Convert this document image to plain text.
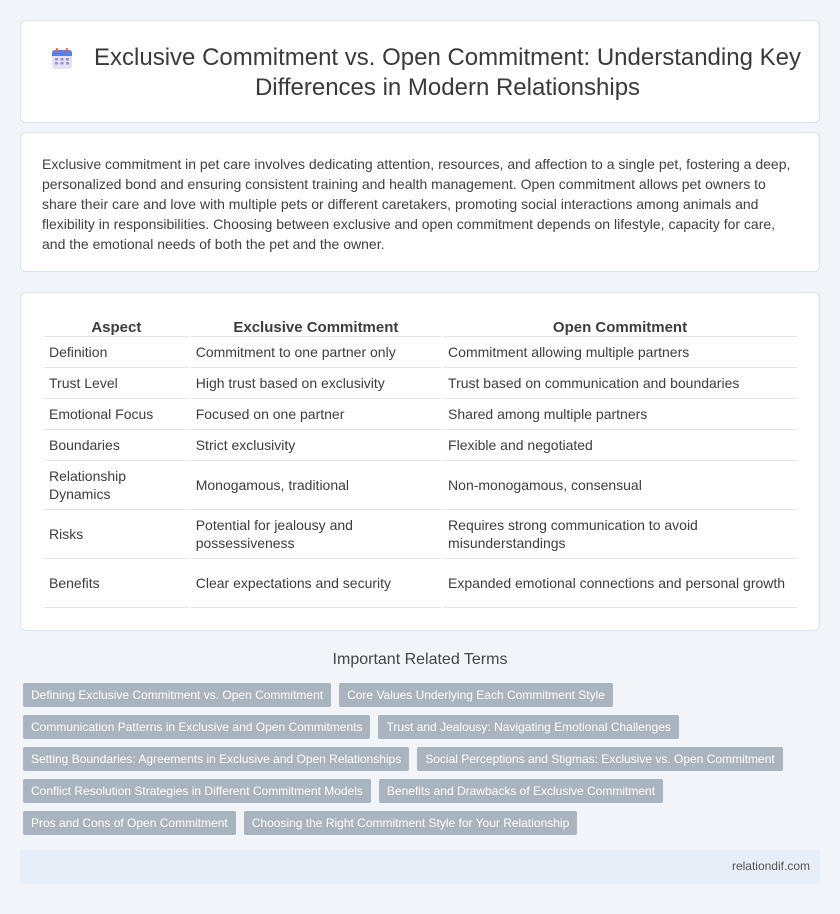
Exclusive Commitment vs. Open Commitment: Understanding Key Differences in Modern Relationships

Exclusive commitment in pet care involves dedicating attention, resources, and affection to a single pet, fostering a deep, personalized bond and ensuring consistent training and health management. Open commitment allows pet owners to share their care and love with multiple pets or different caretakers, promoting social interactions among animals and flexibility in responsibilities. Choosing between exclusive and open commitment depends on lifestyle, capacity for care, and the emotional needs of both the pet and the owner.

Aspect	Exclusive Commitment	Open Commitment
Definition	Commitment to one partner only	Commitment allowing multiple partners
Trust Level	High trust based on exclusivity	Trust based on communication and boundaries
Emotional Focus	Focused on one partner	Shared among multiple partners
Boundaries	Strict exclusivity	Flexible and negotiated
Relationship Dynamics	Monogamous, traditional	Non-monogamous, consensual
Risks	Potential for jealousy and possessiveness	Requires strong communication to avoid misunderstandings
Benefits	Clear expectations and security	Expanded emotional connections and personal growth
Important Related Terms
Defining Exclusive Commitment vs. Open Commitment	Core Values Underlying Each Commitment Style
Communication Patterns in Exclusive and Open Commitments	Trust and Jealousy: Navigating Emotional Challenges
Setting Boundaries: Agreements in Exclusive and Open Relationships	Social Perceptions and Stigmas: Exclusive vs. Open Commitment
Conflict Resolution Strategies in Different Commitment Models	Benefits and Drawbacks of Exclusive Commitment
Pros and Cons of Open Commitment	Choosing the Right Commitment Style for Your Relationship
relationdif.com
